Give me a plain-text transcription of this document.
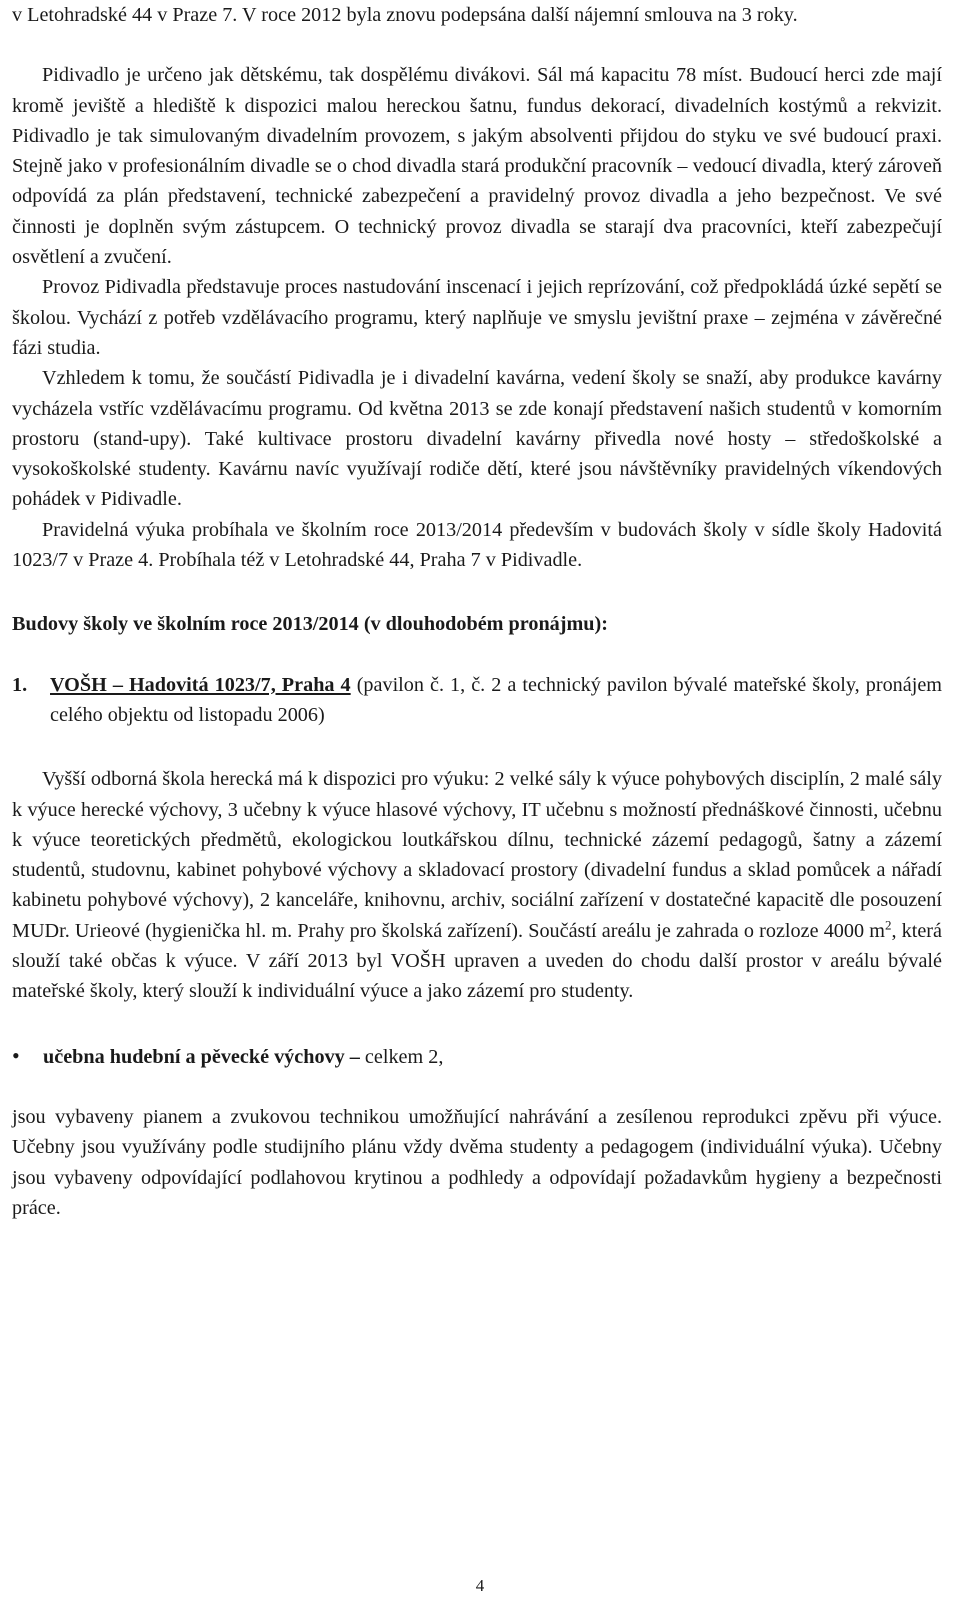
v Letohradské 44 v Praze 7. V roce 2012 byla znovu podepsána další nájemní smlouva na 3 roky.

Pidivadlo je určeno jak dětskému, tak dospělému divákovi. Sál má kapacitu 78 míst. Budoucí herci zde mají kromě jeviště a hlediště k dispozici malou hereckou šatnu, fundus dekorací, divadelních kostýmů a rekvizit. Pidivadlo je tak simulovaným divadelním provozem, s jakým absolventi přijdou do styku ve své budoucí praxi. Stejně jako v profesionálním divadle se o chod divadla stará produkční pracovník – vedoucí divadla, který zároveň odpovídá za plán představení, technické zabezpečení a pravidelný provoz divadla a jeho bezpečnost. Ve své činnosti je doplněn svým zástupcem. O technický provoz divadla se starají dva pracovníci, kteří zabezpečují osvětlení a zvučení.

Provoz Pidivadla představuje proces nastudování inscenací i jejich reprízování, což předpokládá úzké sepětí se školou. Vychází z potřeb vzdělávacího programu, který naplňuje ve smyslu jevištní praxe – zejména v závěrečné fázi studia.

Vzhledem k tomu, že součástí Pidivadla je i divadelní kavárna, vedení školy se snaží, aby produkce kavárny vycházela vstříc vzdělávacímu programu. Od května 2013 se zde konají představení našich studentů v komorním prostoru (stand-upy). Také kultivace prostoru divadelní kavárny přivedla nové hosty – středoškolské a vysokoškolské studenty. Kavárnu navíc využívají rodiče dětí, které jsou návštěvníky pravidelných víkendových pohádek v Pidivadle.

Pravidelná výuka probíhala ve školním roce 2013/2014 především v budovách školy v sídle školy Hadovitá 1023/7 v Praze 4. Probíhala též v Letohradské 44, Praha 7 v Pidivadle.

Budovy školy ve školním roce 2013/2014 (v dlouhodobém pronájmu):

1.	VOŠH – Hadovitá 1023/7, Praha 4 (pavilon č. 1, č. 2 a technický pavilon bývalé mateřské školy, pronájem celého objektu od listopadu 2006)

Vyšší odborná škola herecká má k dispozici pro výuku: 2 velké sály k výuce pohybových disciplín, 2 malé sály k výuce herecké výchovy, 3 učebny k výuce hlasové výchovy, IT učebnu s možností přednáškové činnosti, učebnu k výuce teoretických předmětů, ekologickou loutkářskou dílnu, technické zázemí pedagogů, šatny a zázemí studentů, studovnu, kabinet pohybové výchovy a skladovací prostory (divadelní fundus a sklad pomůcek a nářadí kabinetu pohybové výchovy), 2 kanceláře, knihovnu, archiv, sociální zařízení v dostatečné kapacitě dle posouzení MUDr. Urieové (hygienička hl. m. Prahy pro školská zařízení). Součástí areálu je zahrada o rozloze 4000 $m^2$, která slouží také občas k výuce. V září 2013 byl VOŠH upraven a uveden do chodu další prostor v areálu bývalé mateřské školy, který slouží k individuální výuce a jako zázemí pro studenty.

•	učebna hudební a pěvecké výchovy – celkem 2,

jsou vybaveny pianem a zvukovou technikou umožňující nahrávání a zesílenou reprodukci zpěvu při výuce. Učebny jsou využívány podle studijního plánu vždy dvěma studenty a pedagogem (individuální výuka). Učebny jsou vybaveny odpovídající podlahovou krytinou a podhledy a odpovídají požadavkům hygieny a bezpečnosti práce.

4
